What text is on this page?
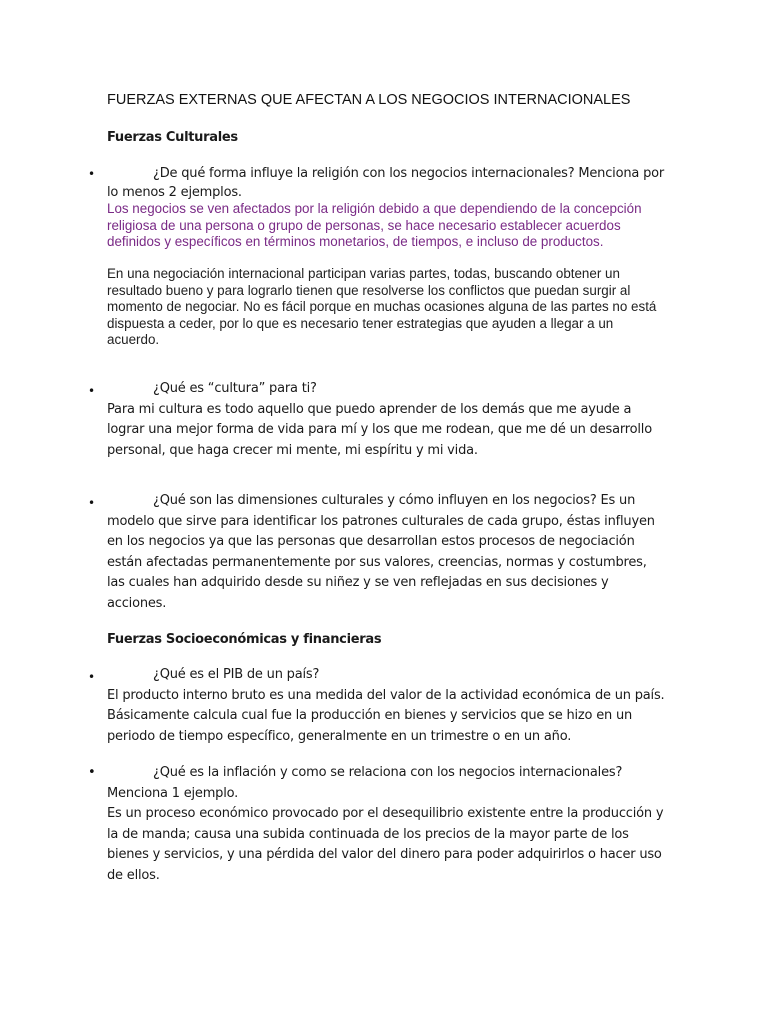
FUERZAS EXTERNAS QUE AFECTAN A LOS NEGOCIOS INTERNACIONALES
Fuerzas Culturales
•	¿De qué forma influye la religión con los negocios internacionales? Menciona por
lo menos 2 ejemplos.
Los negocios se ven afectados por la religión debido a que dependiendo de la concepción religiosa de una persona o grupo de personas, se hace necesario establecer acuerdos definidos y específicos en términos monetarios, de tiempos, e incluso de productos.
En una negociación internacional participan varias partes, todas, buscando obtener un resultado bueno y para lograrlo tienen que resolverse los conflictos que puedan surgir al momento de negociar. No es fácil porque en muchas ocasiones alguna de las partes no está dispuesta a ceder, por lo que es necesario tener estrategias que ayuden a llegar a un acuerdo.
•	¿Qué es “cultura” para ti?
Para mi cultura es todo aquello que puedo aprender de los demás que me ayude a lograr una mejor forma de vida para mí y los que me rodean, que me dé un desarrollo personal, que haga crecer mi mente, mi espíritu y mi vida.
•	¿Qué son las dimensiones culturales y cómo influyen en los negocios? Es un modelo que sirve para identificar los patrones culturales de cada grupo, éstas influyen en los negocios ya que las personas que desarrollan estos procesos de negociación están afectadas permanentemente por sus valores, creencias, normas y costumbres, las cuales han adquirido desde su niñez y se ven reflejadas en sus decisiones y acciones.
Fuerzas Socioeconómicas y financieras
•	¿Qué es el PIB de un país?
El producto interno bruto es una medida del valor de la actividad económica de un país. Básicamente calcula cual fue la producción en bienes y servicios que se hizo en un periodo de tiempo específico, generalmente en un trimestre o en un año.
•	¿Qué es la inflación y como se relaciona con los negocios internacionales?
Menciona 1 ejemplo.
Es un proceso económico provocado por el desequilibrio existente entre la producción y la de manda; causa una subida continuada de los precios de la mayor parte de los bienes y servicios, y una pérdida del valor del dinero para poder adquirirlos o hacer uso de ellos.
